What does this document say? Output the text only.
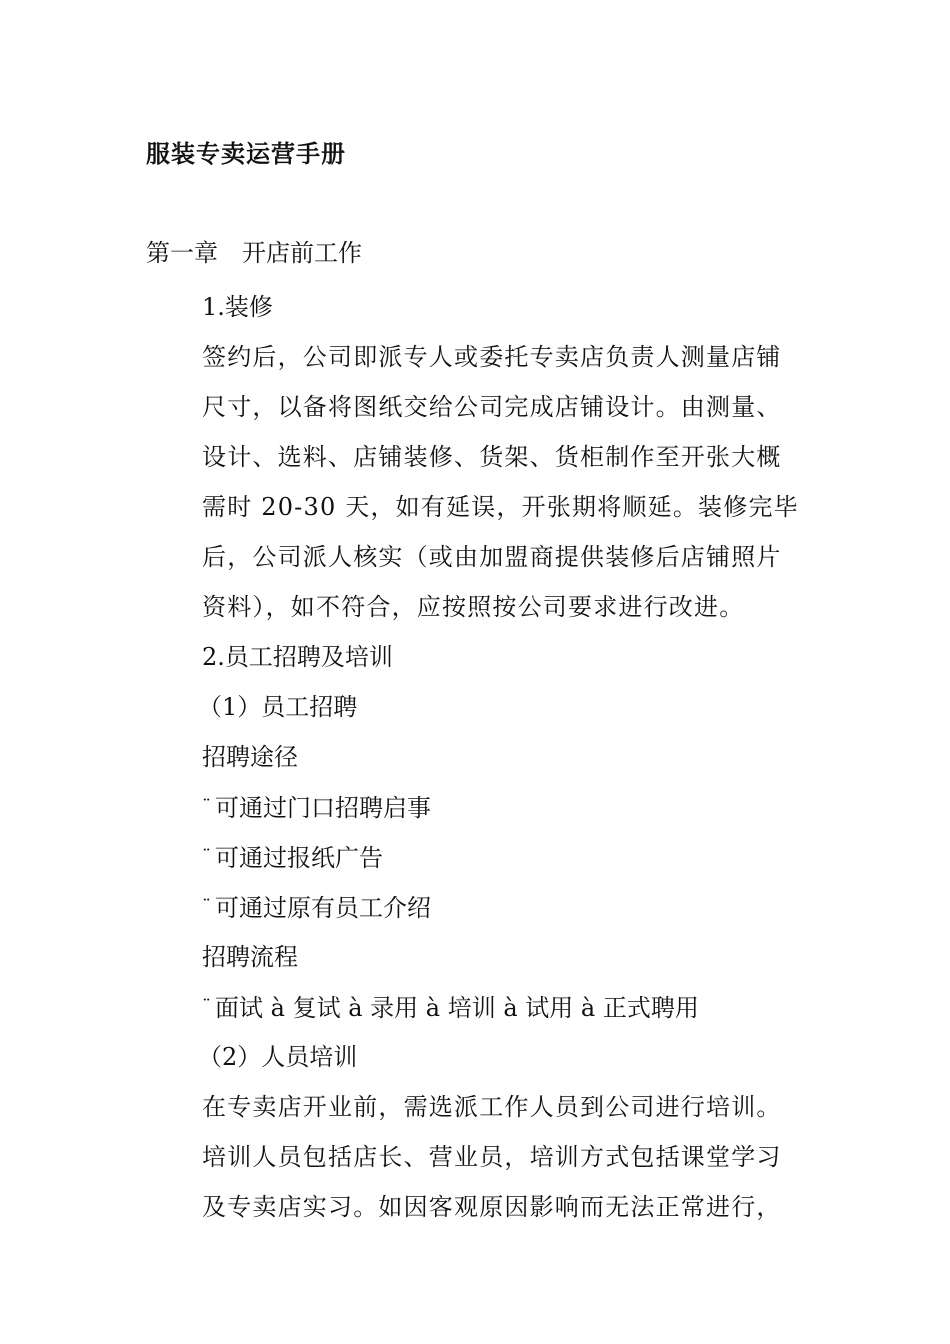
服装专卖运营手册
第一章 开店前工作
1.装修

签约后，公司即派专人或委托专卖店负责人测量店铺
尺寸，以备将图纸交给公司完成店铺设计。由测量、
设计、选料、店铺装修、货架、货柜制作至开张大概
需时 20-30 天，如有延误，开张期将顺延。装修完毕
后，公司派人核实（或由加盟商提供装修后店铺照片
资料），如不符合，应按照按公司要求进行改进。

2.员工招聘及培训
（1）员工招聘
招聘途径
¨ 可通过门口招聘启事
¨ 可通过报纸广告
¨ 可通过原有员工介绍
招聘流程
¨ 面试 à 复试 à 录用 à 培训 à 试用 à 正式聘用
（2）人员培训

在专卖店开业前，需选派工作人员到公司进行培训。
培训人员包括店长、营业员，培训方式包括课堂学习
及专卖店实习。如因客观原因影响而无法正常进行，
